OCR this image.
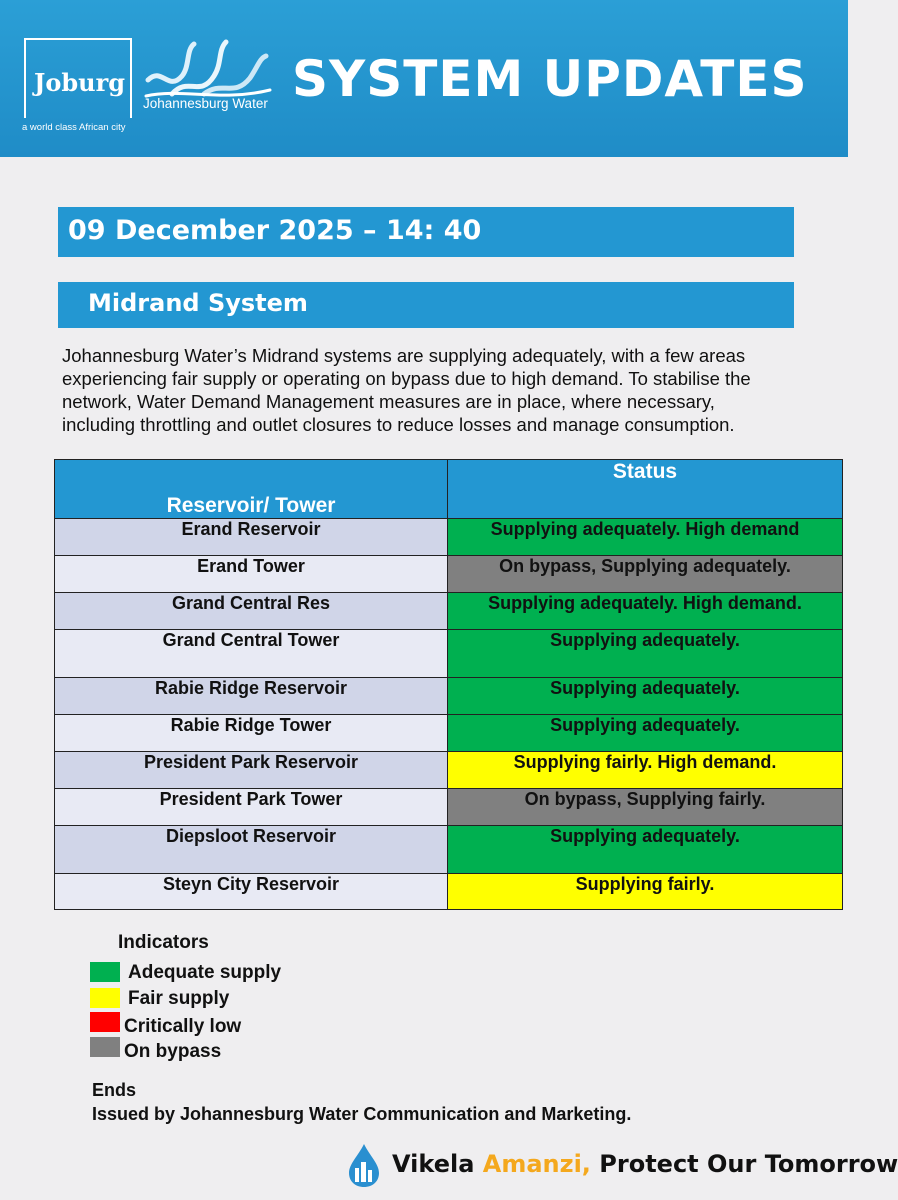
Joburg
a world class African city
Johannesburg Water SYSTEM UPDATES
09 December 2025 – 14: 40
Midrand System
Johannesburg Water’s Midrand systems are supplying adequately, with a few areas experiencing fair supply or operating on bypass due to high demand. To stabilise the network, Water Demand Management measures are in place, where necessary, including throttling and outlet closures to reduce losses and manage consumption.
Reservoir/ Tower	Status
Erand Reservoir	Supplying adequately. High demand
Erand Tower	On bypass, Supplying adequately.
Grand Central Res	Supplying adequately. High demand.
Grand Central Tower	Supplying adequately.
Rabie Ridge Reservoir	Supplying adequately.
Rabie Ridge Tower	Supplying adequately.
President Park Reservoir	Supplying fairly. High demand.
President Park Tower	On bypass, Supplying fairly.
Diepsloot Reservoir	Supplying adequately.
Steyn City Reservoir	Supplying fairly.
Indicators
Adequate supply
Fair supply
Critically low
On bypass
Ends
Issued by Johannesburg Water Communication and Marketing.
Vikela Amanzi, Protect Our Tomorrow
